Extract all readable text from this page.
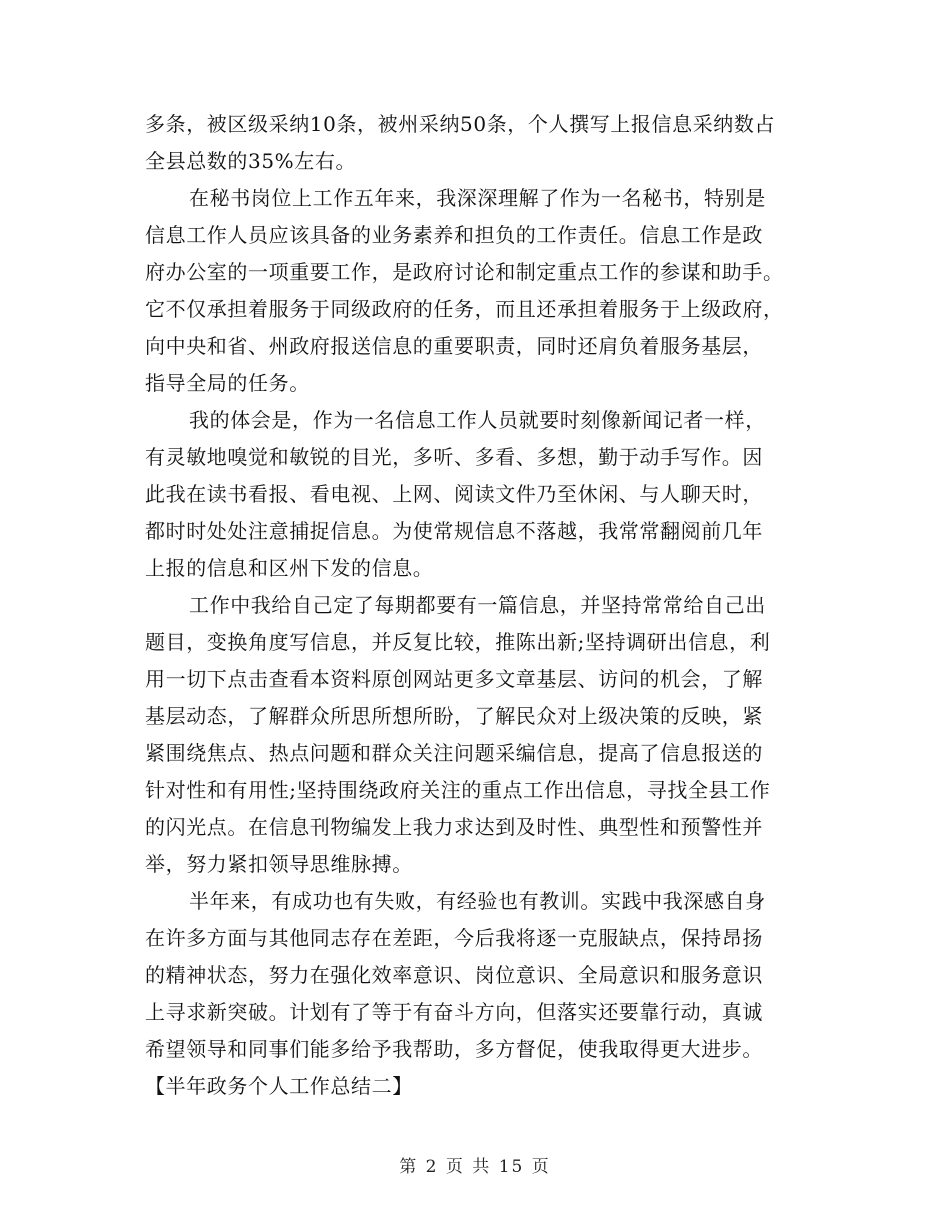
多条，被区级采纳10条，被州采纳50条，个人撰写上报信息采纳数占
全县总数的35%左右。

在秘书岗位上工作五年来，我深深理解了作为一名秘书，特别是
信息工作人员应该具备的业务素养和担负的工作责任。信息工作是政
府办公室的一项重要工作，是政府讨论和制定重点工作的参谋和助手。
它不仅承担着服务于同级政府的任务，而且还承担着服务于上级政府，
向中央和省、州政府报送信息的重要职责，同时还肩负着服务基层，
指导全局的任务。

我的体会是，作为一名信息工作人员就要时刻像新闻记者一样，
有灵敏地嗅觉和敏锐的目光，多听、多看、多想，勤于动手写作。因
此我在读书看报、看电视、上网、阅读文件乃至休闲、与人聊天时，
都时时处处注意捕捉信息。为使常规信息不落越，我常常翻阅前几年
上报的信息和区州下发的信息。

工作中我给自己定了每期都要有一篇信息，并坚持常常给自己出
题目，变换角度写信息，并反复比较，推陈出新;坚持调研出信息，利
用一切下点击查看本资料原创网站更多文章基层、访问的机会，了解
基层动态，了解群众所思所想所盼，了解民众对上级决策的反映，紧
紧围绕焦点、热点问题和群众关注问题采编信息，提高了信息报送的
针对性和有用性;坚持围绕政府关注的重点工作出信息，寻找全县工作
的闪光点。在信息刊物编发上我力求达到及时性、典型性和预警性并
举，努力紧扣领导思维脉搏。

半年来，有成功也有失败，有经验也有教训。实践中我深感自身
在许多方面与其他同志存在差距，今后我将逐一克服缺点，保持昂扬
的精神状态，努力在强化效率意识、岗位意识、全局意识和服务意识
上寻求新突破。计划有了等于有奋斗方向，但落实还要靠行动，真诚
希望领导和同事们能多给予我帮助，多方督促，使我取得更大进步。

【半年政务个人工作总结二】

第 2 页 共 15 页
